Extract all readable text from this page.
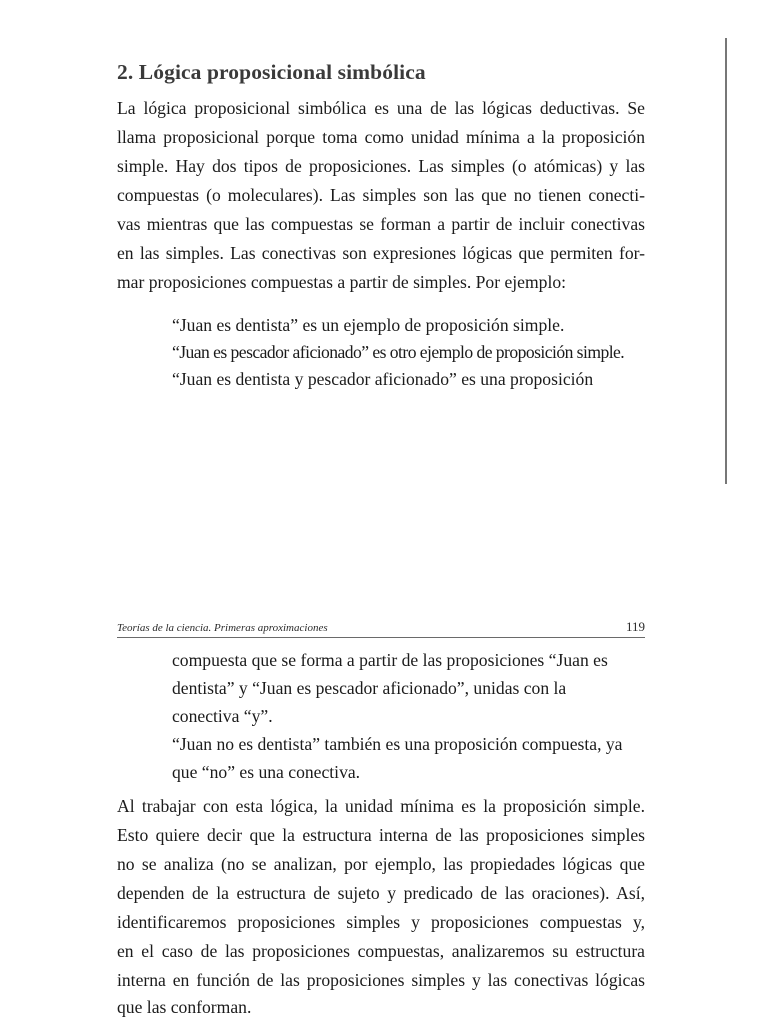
2. Lógica proposicional simbólica
La lógica proposicional simbólica es una de las lógicas deductivas. Se
llama proposicional porque toma como unidad mínima a la proposición
simple. Hay dos tipos de proposiciones. Las simples (o atómicas) y las
compuestas (o moleculares). Las simples son las que no tienen conecti-
vas mientras que las compuestas se forman a partir de incluir conectivas
en las simples. Las conectivas son expresiones lógicas que permiten for-
mar proposiciones compuestas a partir de simples. Por ejemplo:
“Juan es dentista” es un ejemplo de proposición simple.
“Juan es pescador aficionado” es otro ejemplo de proposición simple.
“Juan es dentista y pescador aficionado” es una proposición
Teorías de la ciencia. Primeras aproximaciones	119
compuesta que se forma a partir de las proposiciones “Juan es
dentista” y “Juan es pescador aficionado”, unidas con la
conectiva “y”.
“Juan no es dentista” también es una proposición compuesta, ya
que “no” es una conectiva.
Al trabajar con esta lógica, la unidad mínima es la proposición simple.
Esto quiere decir que la estructura interna de las proposiciones simples
no se analiza (no se analizan, por ejemplo, las propiedades lógicas que
dependen de la estructura de sujeto y predicado de las oraciones). Así,
identificaremos proposiciones simples y proposiciones compuestas y,
en el caso de las proposiciones compuestas, analizaremos su estructura
interna en función de las proposiciones simples y las conectivas lógicas
que las conforman.
